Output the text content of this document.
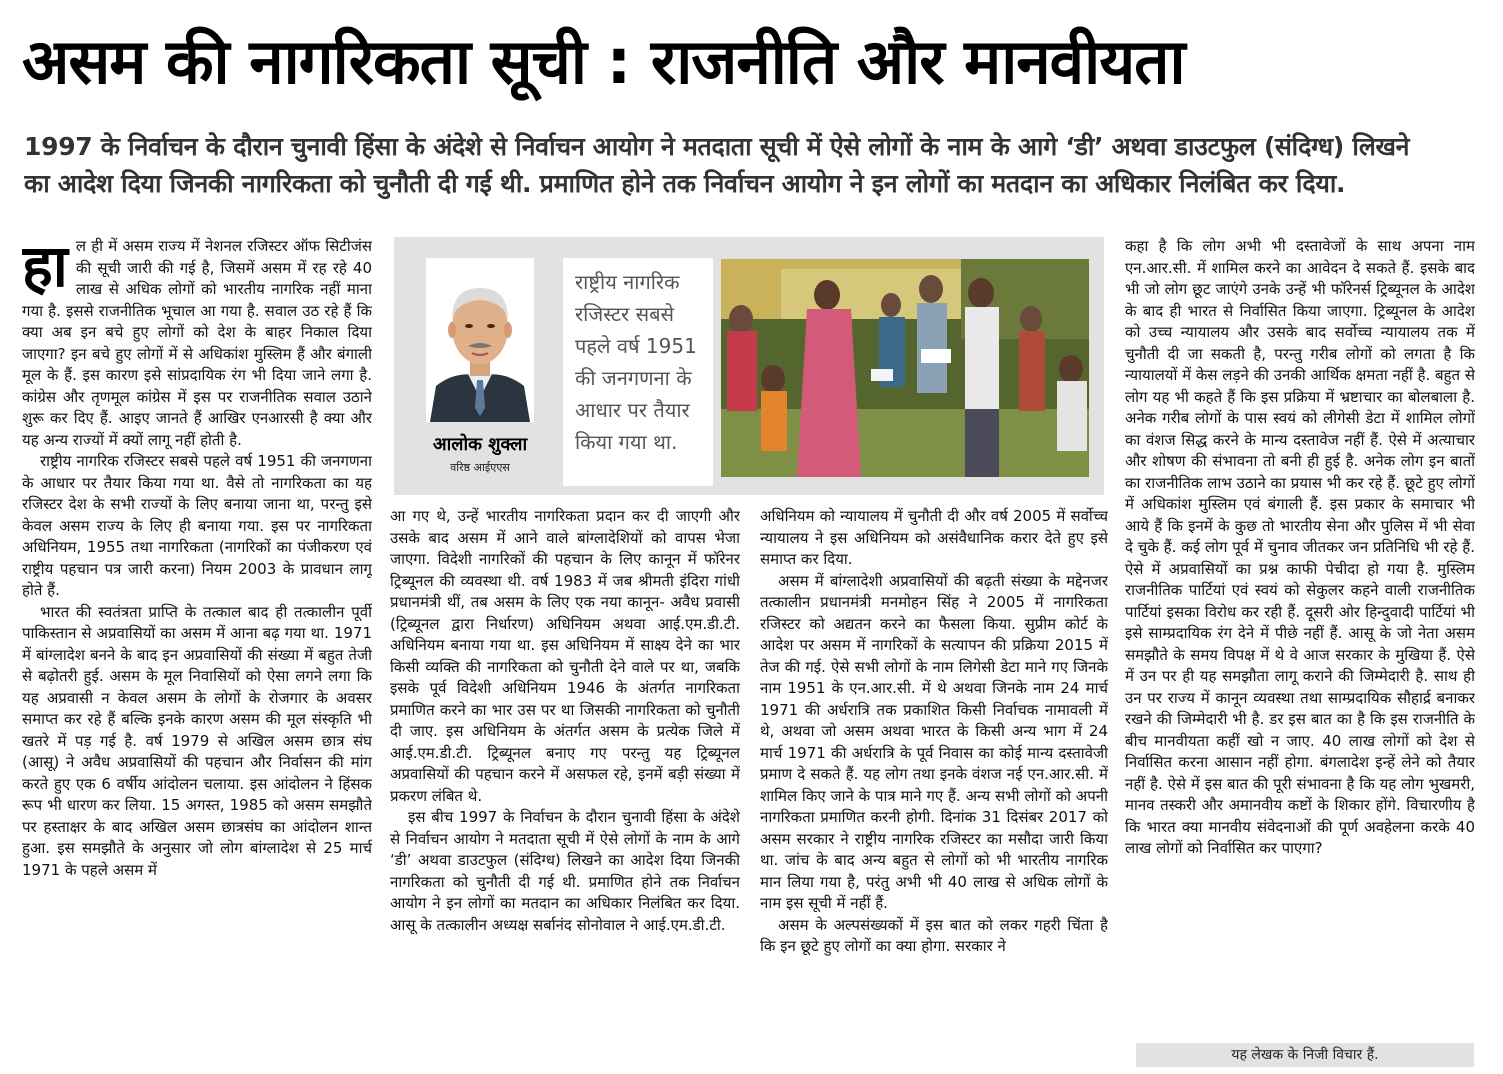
असम की नागरिकता सूची : राजनीति और मानवीयता
1997 के निर्वाचन के दौरान चुनावी हिंसा के अंदेशे से निर्वाचन आयोग ने मतदाता सूची में ऐसे लोगों के नाम के आगे ‘डी’ अथवा डाउटफुल (संदिग्ध) लिखने
का आदेश दिया जिनकी नागरिकता को चुनौती दी गई थी. प्रमाणित होने तक निर्वाचन आयोग ने इन लोगों का मतदान का अधिकार निलंबित कर दिया.

हाल ही में असम राज्य में नेशनल रजिस्टर ऑफ सिटीजंस की सूची जारी की गई है, जिसमें असम में रह रहे 40 लाख से अधिक लोगों को भारतीय नागरिक नहीं माना गया है. इससे राजनीतिक भूचाल आ गया है. सवाल उठ रहे हैं कि क्या अब इन बचे हुए लोगों को देश के बाहर निकाल दिया जाएगा? इन बचे हुए लोगों में से अधिकांश मुस्लिम हैं और बंगाली मूल के हैं. इस कारण इसे सांप्रदायिक रंग भी दिया जाने लगा है. कांग्रेस और तृणमूल कांग्रेस में इस पर राजनीतिक सवाल उठाने शुरू कर दिए हैं. आइए जानते हैं आखिर एनआरसी है क्या और यह अन्य राज्यों में क्यों लागू नहीं होती है.

राष्ट्रीय नागरिक रजिस्टर सबसे पहले वर्ष 1951 की जनगणना के आधार पर तैयार किया गया था. वैसे तो नागरिकता का यह रजिस्टर देश के सभी राज्यों के लिए बनाया जाना था, परन्तु इसे केवल असम राज्य के लिए ही बनाया गया. इस पर नागरिकता अधिनियम, 1955 तथा नागरिकता (नागरिकों का पंजीकरण एवं राष्ट्रीय पहचान पत्र जारी करना) नियम 2003 के प्रावधान लागू होते हैं.

भारत की स्वतंत्रता प्राप्ति के तत्काल बाद ही तत्कालीन पूर्वी पाकिस्तान से अप्रवासियों का असम में आना बढ़ गया था. 1971 में बांग्लादेश बनने के बाद इन अप्रवासियों की संख्या में बहुत तेजी से बढ़ोतरी हुई. असम के मूल निवासियों को ऐसा लगने लगा कि यह अप्रवासी न केवल असम के लोगों के रोजगार के अवसर समाप्त कर रहे हैं बल्कि इनके कारण असम की मूल संस्कृति भी खतरे में पड़ गई है. वर्ष 1979 से अखिल असम छात्र संघ (आसू) ने अवैध अप्रवासियों की पहचान और निर्वासन की मांग करते हुए एक 6 वर्षीय आंदोलन चलाया. इस आंदोलन ने हिंसक रूप भी धारण कर लिया. 15 अगस्त, 1985 को असम समझौते पर हस्ताक्षर के बाद अखिल असम छात्रसंघ का आंदोलन शान्त हुआ. इस समझौते के अनुसार जो लोग बांग्लादेश से 25 मार्च 1971 के पहले असम में

आलोक शुक्ला
वरिष्ठ आईएएस
राष्ट्रीय नागरिक रजिस्टर सबसे पहले वर्ष 1951 की जनगणना के आधार पर तैयार किया गया था.

आ गए थे, उन्हें भारतीय नागरिकता प्रदान कर दी जाएगी और उसके बाद असम में आने वाले बांग्लादेशियों को वापस भेजा जाएगा. विदेशी नागरिकों की पहचान के लिए कानून में फॉरेनर ट्रिब्यूनल की व्यवस्था थी. वर्ष 1983 में जब श्रीमती इंदिरा गांधी प्रधानमंत्री थीं, तब असम के लिए एक नया कानून- अवैध प्रवासी (ट्रिब्यूनल द्वारा निर्धारण) अधिनियम अथवा आई.एम.डी.टी. अधिनियम बनाया गया था. इस अधिनियम में साक्ष्य देने का भार किसी व्यक्ति की नागरिकता को चुनौती देने वाले पर था, जबकि इसके पूर्व विदेशी अधिनियम 1946 के अंतर्गत नागरिकता प्रमाणित करने का भार उस पर था जिसकी नागरिकता को चुनौती दी जाए. इस अधिनियम के अंतर्गत असम के प्रत्येक जिले में आई.एम.डी.टी. ट्रिब्यूनल बनाए गए परन्तु यह ट्रिब्यूनल अप्रवासियों की पहचान करने में असफल रहे, इनमें बड़ी संख्या में प्रकरण लंबित थे.

इस बीच 1997 के निर्वाचन के दौरान चुनावी हिंसा के अंदेशे से निर्वाचन आयोग ने मतदाता सूची में ऐसे लोगों के नाम के आगे ‘डी’ अथवा डाउटफुल (संदिग्ध) लिखने का आदेश दिया जिनकी नागरिकता को चुनौती दी गई थी. प्रमाणित होने तक निर्वाचन आयोग ने इन लोगों का मतदान का अधिकार निलंबित कर दिया. आसू के तत्कालीन अध्यक्ष सर्बानंद सोनोवाल ने आई.एम.डी.टी.

अधिनियम को न्यायालय में चुनौती दी और वर्ष 2005 में सर्वोच्च न्यायालय ने इस अधिनियम को असंवैधानिक करार देते हुए इसे समाप्त कर दिया.

असम में बांग्लादेशी अप्रवासियों की बढ़ती संख्या के मद्देनजर तत्कालीन प्रधानमंत्री मनमोहन सिंह ने 2005 में नागरिकता रजिस्टर को अद्यतन करने का फैसला किया. सुप्रीम कोर्ट के आदेश पर असम में नागरिकों के सत्यापन की प्रक्रिया 2015 में तेज की गई. ऐसे सभी लोगों के नाम लिगेसी डेटा माने गए जिनके नाम 1951 के एन.आर.सी. में थे अथवा जिनके नाम 24 मार्च 1971 की अर्धरात्रि तक प्रकाशित किसी निर्वाचक नामावली में थे, अथवा जो असम अथवा भारत के किसी अन्य भाग में 24 मार्च 1971 की अर्धरात्रि के पूर्व निवास का कोई मान्य दस्तावेजी प्रमाण दे सकते हैं. यह लोग तथा इनके वंशज नई एन.आर.सी. में शामिल किए जाने के पात्र माने गए हैं. अन्य सभी लोगों को अपनी नागरिकता प्रमाणित करनी होगी. दिनांक 31 दिसंबर 2017 को असम सरकार ने राष्ट्रीय नागरिक रजिस्टर का मसौदा जारी किया था. जांच के बाद अन्य बहुत से लोगों को भी भारतीय नागरिक मान लिया गया है, परंतु अभी भी 40 लाख से अधिक लोगों के नाम इस सूची में नहीं हैं.

असम के अल्पसंख्यकों में इस बात को लकर गहरी चिंता है कि इन छूटे हुए लोगों का क्या होगा. सरकार ने

कहा है कि लोग अभी भी दस्तावेजों के साथ अपना नाम एन.आर.सी. में शामिल करने का आवेदन दे सकते हैं. इसके बाद भी जो लोग छूट जाएंगे उनके उन्हें भी फॉरेनर्स ट्रिब्यूनल के आदेश के बाद ही भारत से निर्वासित किया जाएगा. ट्रिब्यूनल के आदेश को उच्च न्यायालय और उसके बाद सर्वोच्च न्यायालय तक में चुनौती दी जा सकती है, परन्तु गरीब लोगों को लगता है कि न्यायालयों में केस लड़ने की उनकी आर्थिक क्षमता नहीं है. बहुत से लोग यह भी कहते हैं कि इस प्रक्रिया में भ्रष्टाचार का बोलबाला है. अनेक गरीब लोगों के पास स्वयं को लीगेसी डेटा में शामिल लोगों का वंशज सिद्ध करने के मान्य दस्तावेज नहीं हैं. ऐसे में अत्याचार और शोषण की संभावना तो बनी ही हुई है. अनेक लोग इन बातों का राजनीतिक लाभ उठाने का प्रयास भी कर रहे हैं. छूटे हुए लोगों में अधिकांश मुस्लिम एवं बंगाली हैं. इस प्रकार के समाचार भी आये हैं कि इनमें के कुछ तो भारतीय सेना और पुलिस में भी सेवा दे चुके हैं. कई लोग पूर्व में चुनाव जीतकर जन प्रतिनिधि भी रहे हैं. ऐसे में अप्रवासियों का प्रश्न काफी पेचीदा हो गया है. मुस्लिम राजनीतिक पार्टियां एवं स्वयं को सेकुलर कहने वाली राजनीतिक पार्टियां इसका विरोध कर रही हैं. दूसरी ओर हिन्दुवादी पार्टियां भी इसे साम्प्रदायिक रंग देने में पीछे नहीं हैं. आसू के जो नेता असम समझौते के समय विपक्ष में थे वे आज सरकार के मुखिया हैं. ऐसे में उन पर ही यह समझौता लागू कराने की जिम्मेदारी है. साथ ही उन पर राज्य में कानून व्यवस्था तथा साम्प्रदायिक सौहार्द्र बनाकर रखने की जिम्मेदारी भी है. डर इस बात का है कि इस राजनीति के बीच मानवीयता कहीं खो न जाए. 40 लाख लोगों को देश से निर्वासित करना आसान नहीं होगा. बंगलादेश इन्हें लेने को तैयार नहीं है. ऐसे में इस बात की पूरी संभावना है कि यह लोग भुखमरी, मानव तस्करी और अमानवीय कष्टों के शिकार होंगे. विचारणीय है कि भारत क्या मानवीय संवेदनाओं की पूर्ण अवहेलना करके 40 लाख लोगों को निर्वासित कर पाएगा?

यह लेखक के निजी विचार हैं.
